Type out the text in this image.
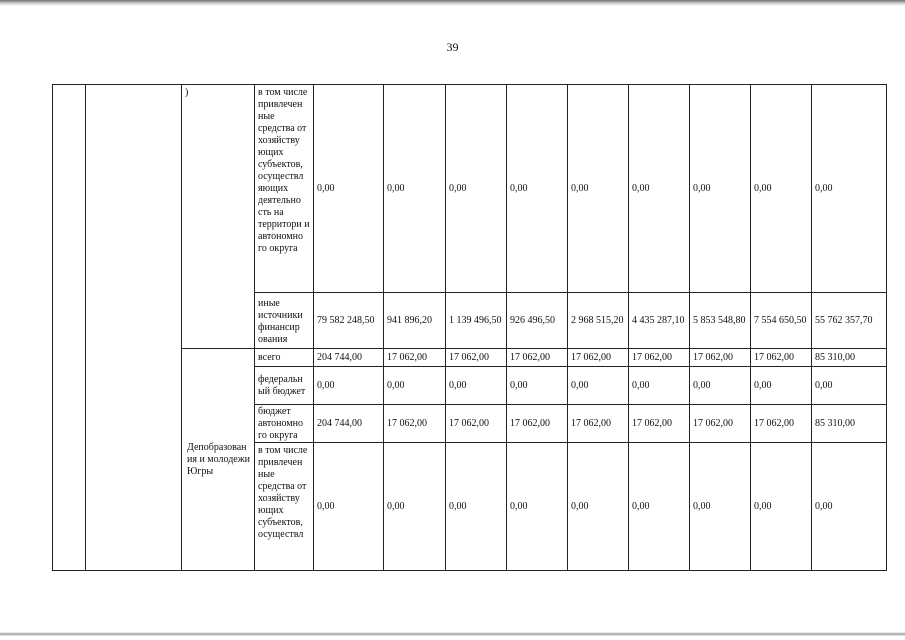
39
		)	в том числе привлечен ные средства от хозяйству ющих субъектов, осуществл яющих деятельно сть на территори и автономно го округа	0,00	0,00	0,00	0,00	0,00	0,00	0,00	0,00	0,00
			иные источники финансир ования	79 582 248,50	941 896,20	1 139 496,50	926 496,50	2 968 515,20	4 435 287,10	5 853 548,80	7 554 650,50	55 762 357,70
		Депобразован ия и молодежи Югры	всего	204 744,00	17 062,00	17 062,00	17 062,00	17 062,00	17 062,00	17 062,00	17 062,00	85 310,00
			федеральн ый бюджет	0,00	0,00	0,00	0,00	0,00	0,00	0,00	0,00	0,00
			бюджет автономно го округа	204 744,00	17 062,00	17 062,00	17 062,00	17 062,00	17 062,00	17 062,00	17 062,00	85 310,00
			в том числе привлечен ные средства от хозяйству ющих субъектов, осуществл	0,00	0,00	0,00	0,00	0,00	0,00	0,00	0,00	0,00
